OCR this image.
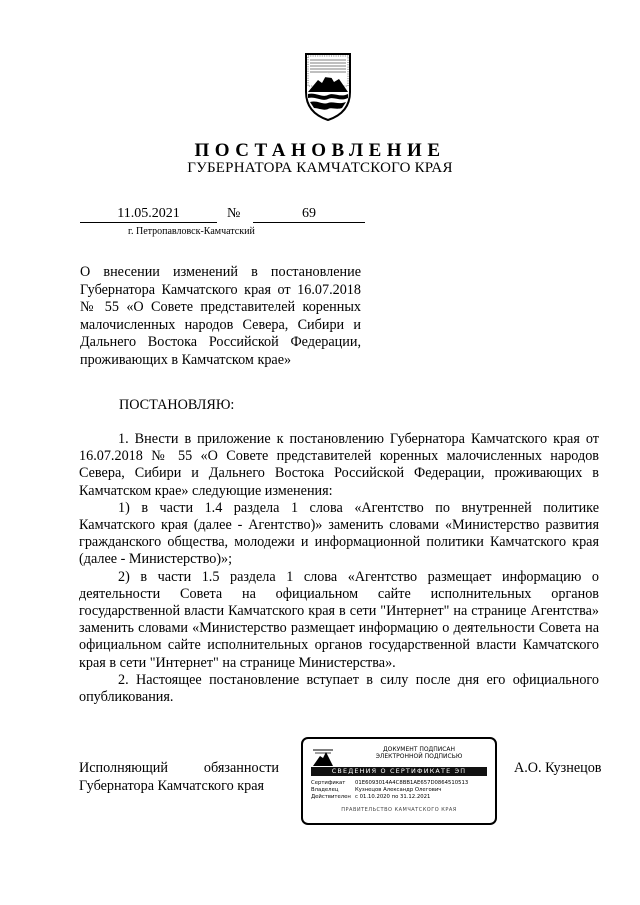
ПОСТАНОВЛЕНИЕ
ГУБЕРНАТОРА КАМЧАТСКОГО КРАЯ
11.05.2021	№	69
г. Петропавловск-Камчатский
О внесении изменений в постановление Губернатора Камчатского края от 16.07.2018 № 55 «О Совете представителей коренных малочисленных народов Севера, Сибири и Дальнего Востока Российской Федерации, проживающих в Камчатском крае»
ПОСТАНОВЛЯЮ:

1. Внести в приложение к постановлению Губернатора Камчатского края от 16.07.2018 № 55 «О Совете представителей коренных малочисленных народов Севера, Сибири и Дальнего Востока Российской Федерации, проживающих в Камчатском крае» следующие изменения:

1) в части 1.4 раздела 1 слова «Агентство по внутренней политике Камчатского края (далее - Агентство)» заменить словами «Министерство развития гражданского общества, молодежи и информационной политики Камчатского края (далее - Министерство)»;

2) в части 1.5 раздела 1 слова «Агентство размещает информацию о деятельности Совета на официальном сайте исполнительных органов государственной власти Камчатского края в сети "Интернет" на странице Агентства» заменить словами «Министерство размещает информацию о деятельности Совета на официальном сайте исполнительных органов государственной власти Камчатского края в сети "Интернет" на странице Министерства».

2. Настоящее постановление вступает в силу после дня его официального опубликования.

Исполняющий	обязанности
Губернатора Камчатского края
ДОКУМЕНТ ПОДПИСАН
ЭЛЕКТРОННОЙ ПОДПИСЬЮ
СВЕДЕНИЯ О СЕРТИФИКАТЕ ЭП
Сертификат	01E6093014A4C8BB1AE657D0864510513
Владелец	Кузнецов Александр Олегович
Действителен с 01.10.2020 по 31.12.2021
ПРАВИТЕЛЬСТВО КАМЧАТСКОГО КРАЯ
А.О. Кузнецов
